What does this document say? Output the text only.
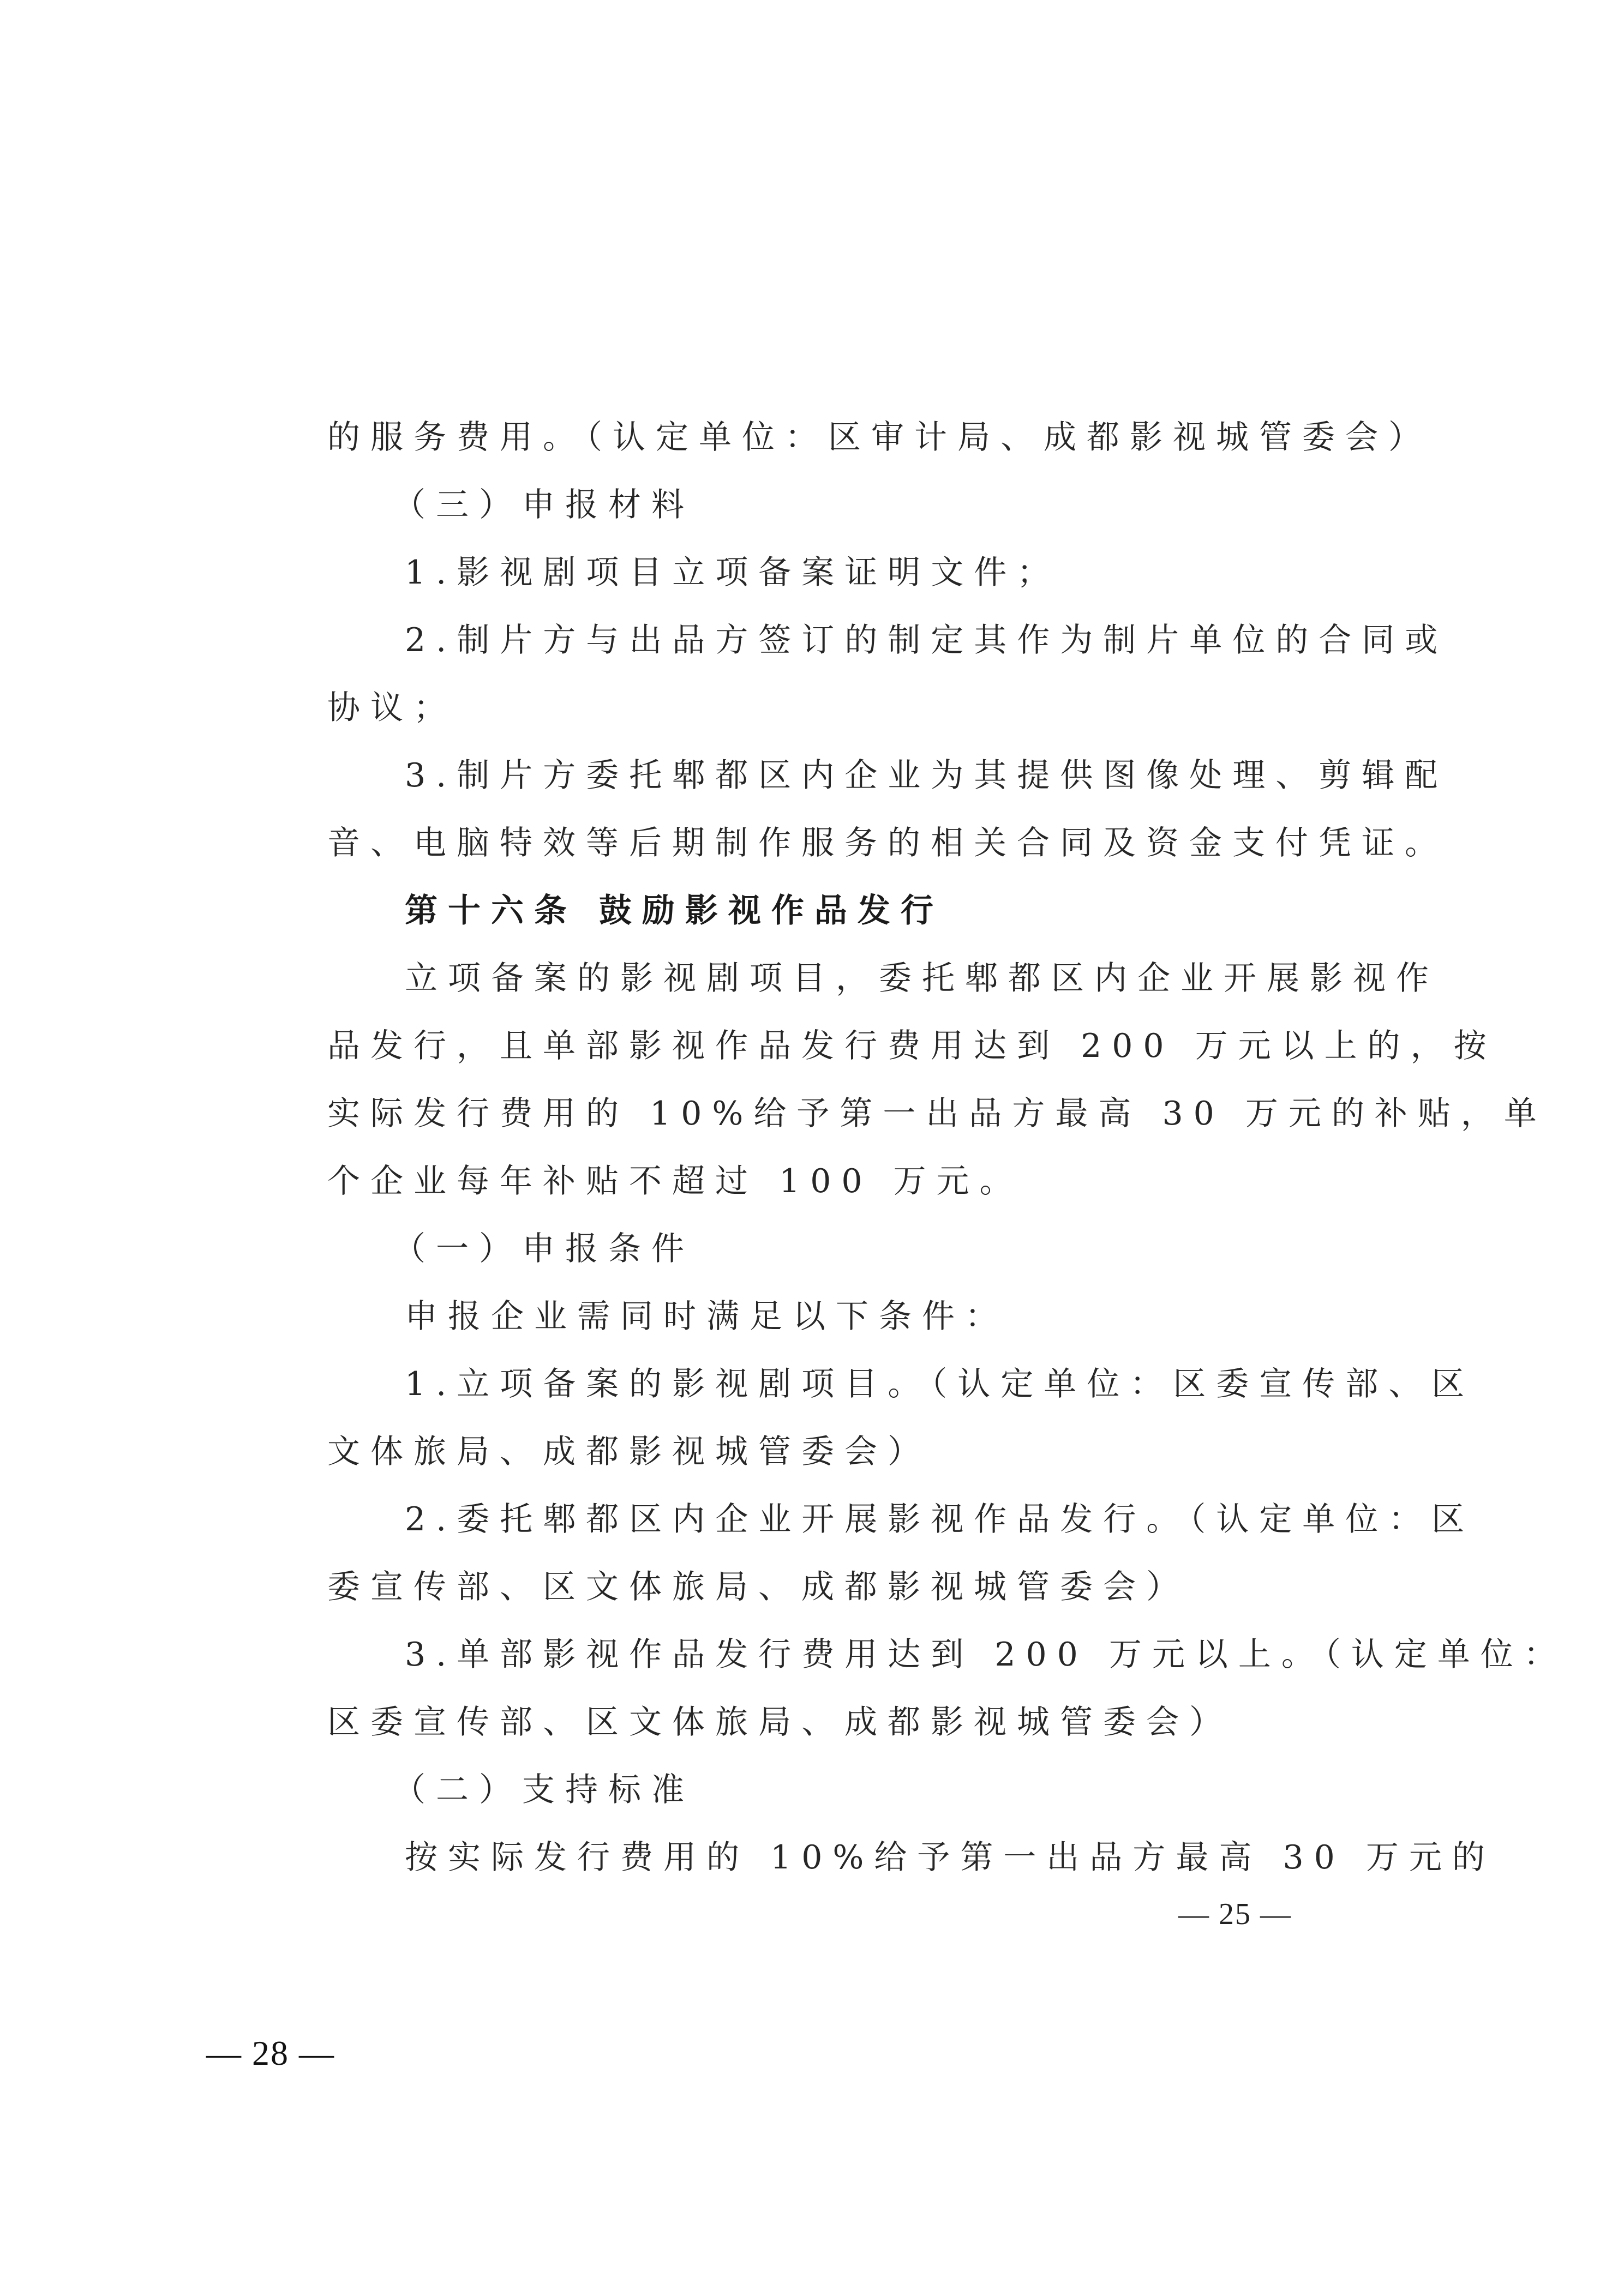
的服务费用。（认定单位：区审计局、成都影视城管委会）
（三）申报材料
1.影视剧项目立项备案证明文件；
2.制片方与出品方签订的制定其作为制片单位的合同或
协议；
3.制片方委托郫都区内企业为其提供图像处理、剪辑配
音、电脑特效等后期制作服务的相关合同及资金支付凭证。
第十六条 鼓励影视作品发行
立项备案的影视剧项目，委托郫都区内企业开展影视作
品发行，且单部影视作品发行费用达到 200 万元以上的，按
实际发行费用的 10%给予第一出品方最高 30 万元的补贴，单
个企业每年补贴不超过 100 万元。
（一）申报条件
申报企业需同时满足以下条件：
1.立项备案的影视剧项目。（认定单位：区委宣传部、区
文体旅局、成都影视城管委会）
2.委托郫都区内企业开展影视作品发行。（认定单位：区
委宣传部、区文体旅局、成都影视城管委会）
3.单部影视作品发行费用达到 200 万元以上。（认定单位：
区委宣传部、区文体旅局、成都影视城管委会）
（二）支持标准
按实际发行费用的 10%给予第一出品方最高 30 万元的
— 25 —
— 28 —
